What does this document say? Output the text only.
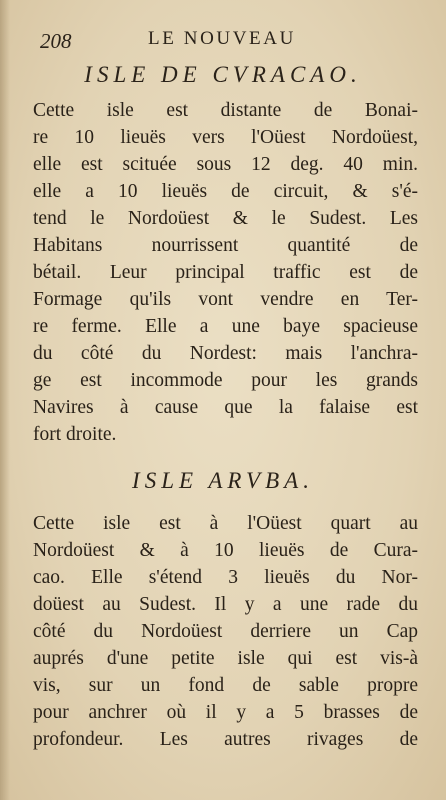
208	LE NOUVEAU
ISLE DE CVRACAO.
Cette isle est distante de Bonai-
re 10 lieuës vers l'Oüest Nordoüest,
elle est scituée sous 12 deg. 40 min.
elle a 10 lieuës de circuit, & s'é-
tend le Nordoüest & le Sudest. Les
Habitans nourrissent quantité de
bétail. Leur principal traffic est de
Formage qu'ils vont vendre en Ter-
re ferme. Elle a une baye spacieuse
du côté du Nordest: mais l'anchra-
ge est incommode pour les grands
Navires à cause que la falaise est
fort droite.
ISLE ARVBA.
Cette isle est à l'Oüest quart au
Nordoüest & à 10 lieuës de Cura-
cao. Elle s'étend 3 lieuës du Nor-
doüest au Sudest. Il y a une rade du
côté du Nordoüest derriere un Cap
auprés d'une petite isle qui est vis-à
vis, sur un fond de sable propre
pour anchrer où il y a 5 brasses de
profondeur. Les autres rivages de
